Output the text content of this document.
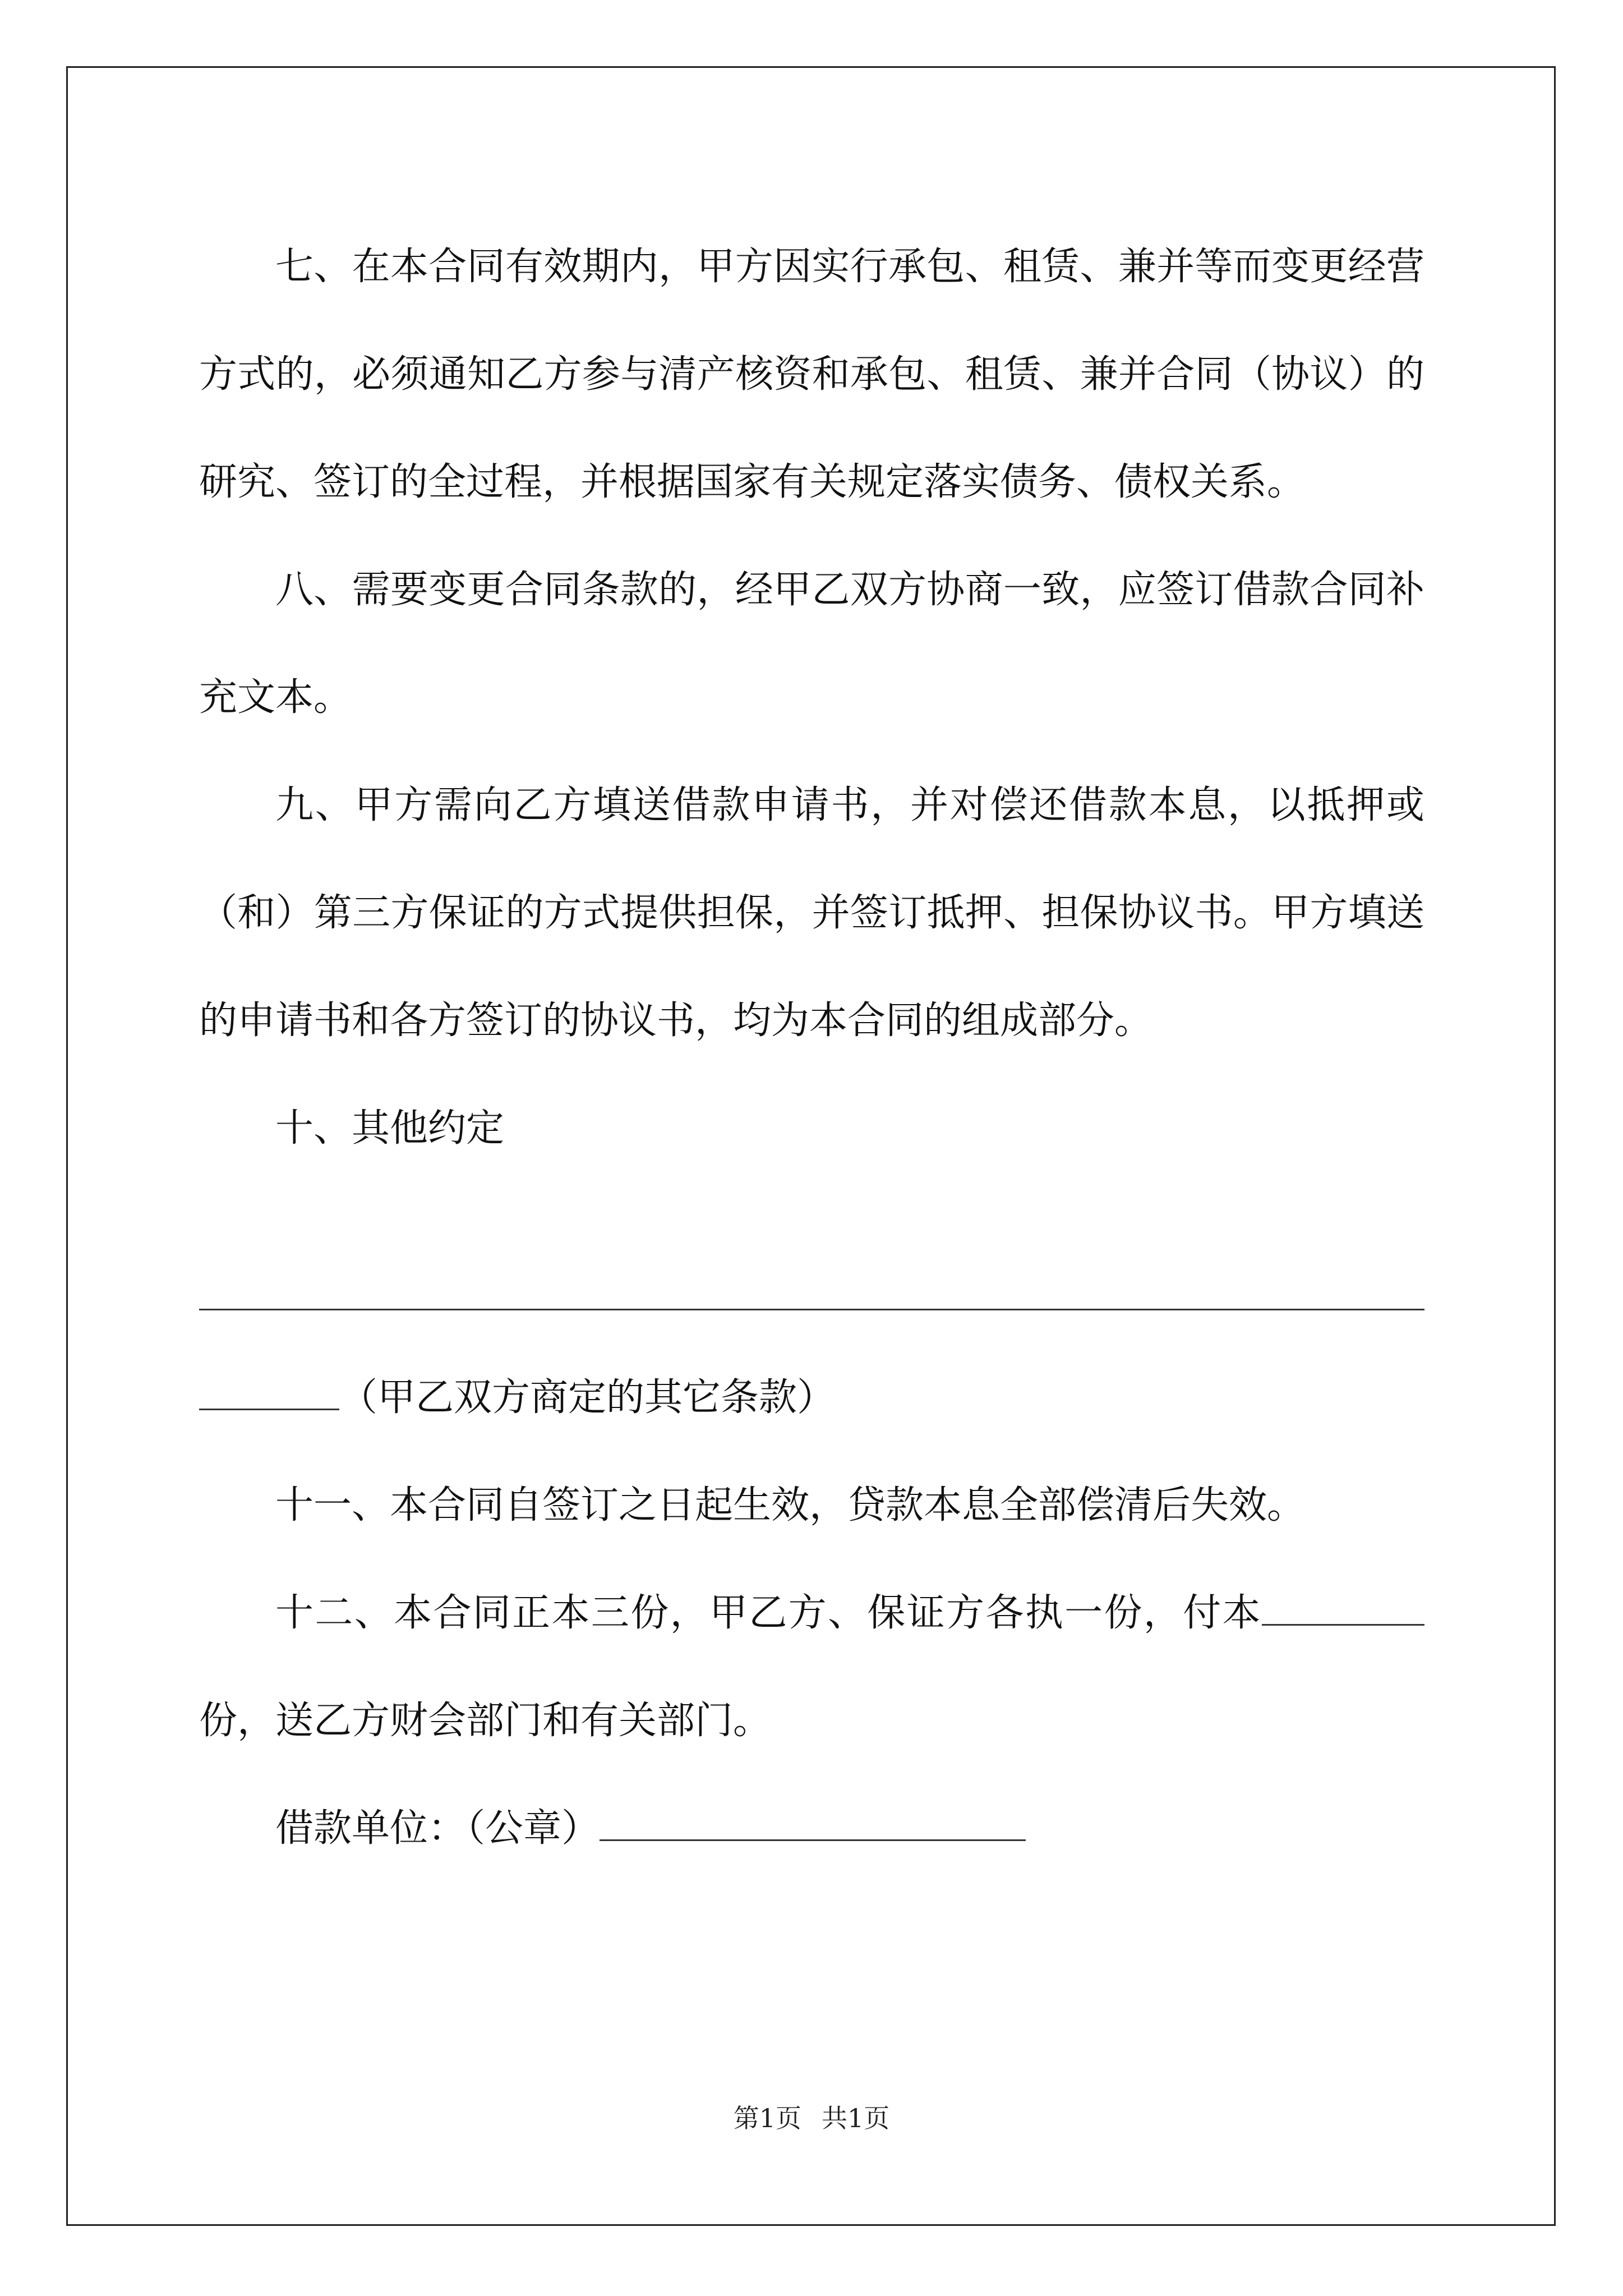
七、在本合同有效期内，甲方因实行承包、租赁、兼并等而变更经营方式的，必须通知乙方参与清产核资和承包、租赁、兼并合同（协议）的研究、签订的全过程，并根据国家有关规定落实债务、债权关系。

八、需要变更合同条款的，经甲乙双方协商一致，应签订借款合同补充文本。

九、甲方需向乙方填送借款申请书，并对偿还借款本息，以抵押或（和）第三方保证的方式提供担保，并签订抵押、担保协议书。甲方填送的申请书和各方签订的协议书，均为本合同的组成部分。

十、其他约定

（甲乙双方商定的其它条款）

十一、本合同自签订之日起生效，贷款本息全部偿清后失效。

十二、本合同正本三份，甲乙方、保证方各执一份，付本份，送乙方财会部门和有关部门。

借款单位：（公章）

第1页 共1页
